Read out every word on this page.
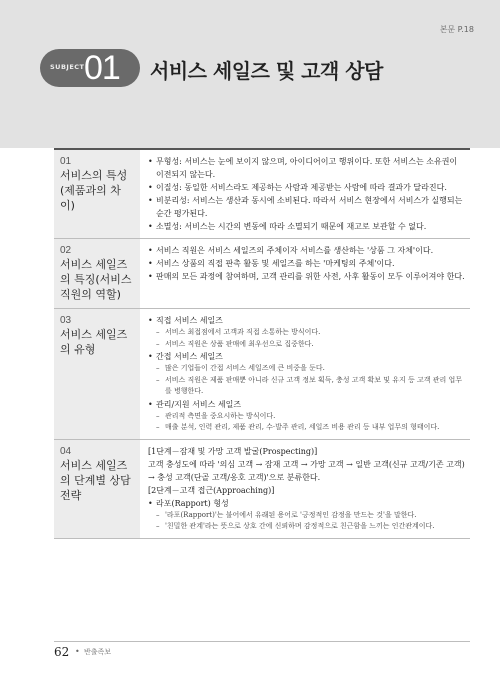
본문 P.18
SUBJECT 01 서비스 세일즈 및 고객 상담
01
서비스의 특성 (제품과의 차이)
• 무형성: 서비스는 눈에 보이지 않으며, 아이디어이고 행위이다. 또한 서비스는 소유권이 이전되지 않는다.
• 이질성: 동일한 서비스라도 제공하는 사람과 제공받는 사람에 따라 결과가 달라진다.
• 비분리성: 서비스는 생산과 동시에 소비된다. 따라서 서비스 현장에서 서비스가 실행되는 순간 평가된다.
• 소멸성: 서비스는 시간의 변동에 따라 소멸되기 때문에 재고로 보관할 수 없다.
02
서비스 세일즈의 특징(서비스 직원의 역할)
• 서비스 직원은 서비스 세일즈의 주체이자 서비스를 생산하는 '상품 그 자체'이다.
• 서비스 상품의 직접 판촉 활동 및 세일즈를 하는 '마케팅의 주체'이다.
• 판매의 모든 과정에 참여하며, 고객 관리를 위한 사전, 사후 활동이 모두 이루어져야 한다.
03
서비스 세일즈의 유형
• 직접 서비스 세일즈
– 서비스 최접점에서 고객과 직접 소통하는 방식이다.
– 서비스 직원은 상품 판매에 최우선으로 집중한다.
• 간접 서비스 세일즈
– 많은 기업들이 간접 서비스 세일즈에 큰 비중을 둔다.
– 서비스 직원은 제품 판매뿐 아니라 신규 고객 정보 획득, 충성 고객 확보 및 유지 등 고객 관리 업무를 병행한다.
• 관리/지원 서비스 세일즈
– 관리적 측면을 중요시하는 방식이다.
– 매출 분석, 인력 관리, 제품 관리, 수·발주 관리, 세일즈 비용 관리 등 내부 업무의 형태이다.
04
서비스 세일즈의 단계별 상담 전략
[1단계－잠재 및 가망 고객 발굴(Prospecting)]
고객 충성도에 따라 '의심 고객 → 잠재 고객 → 가망 고객 → 일반 고객(신규 고객/기존 고객) → 충성 고객(단골 고객/옹호 고객)'으로 분류한다.
[2단계－고객 접근(Approaching)]
• 라포(Rapport) 형성
– '라포(Rapport)'는 불어에서 유래된 용어로 '긍정적인 감정을 만드는 것'을 말한다.
– '친밀한 관계'라는 뜻으로 상호 간에 신뢰하며 감정적으로 친근함을 느끼는 인간관계이다.
62 • 반출족보
